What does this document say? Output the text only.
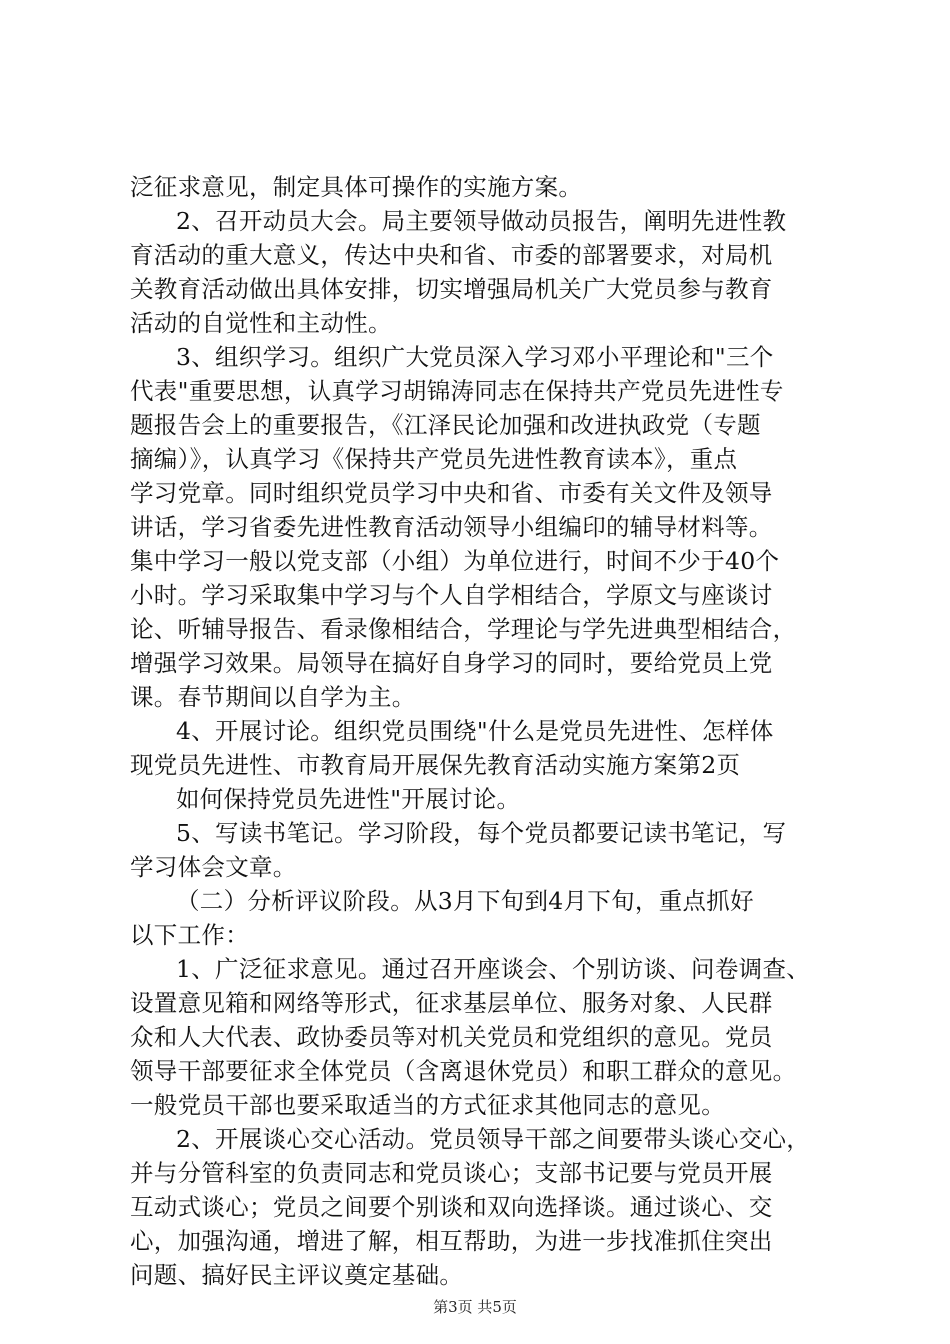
泛征求意见，制定具体可操作的实施方案。
2、召开动员大会。局主要领导做动员报告，阐明先进性教
育活动的重大意义，传达中央和省、市委的部署要求，对局机
关教育活动做出具体安排，切实增强局机关广大党员参与教育
活动的自觉性和主动性。
3、组织学习。组织广大党员深入学习邓小平理论和"三个
代表"重要思想，认真学习胡锦涛同志在保持共产党员先进性专
题报告会上的重要报告，《江泽民论加强和改进执政党（专题
摘编）》，认真学习《保持共产党员先进性教育读本》，重点
学习党章。同时组织党员学习中央和省、市委有关文件及领导
讲话，学习省委先进性教育活动领导小组编印的辅导材料等。
集中学习一般以党支部（小组）为单位进行，时间不少于40个
小时。学习采取集中学习与个人自学相结合，学原文与座谈讨
论、听辅导报告、看录像相结合，学理论与学先进典型相结合，
增强学习效果。局领导在搞好自身学习的同时，要给党员上党
课。春节期间以自学为主。
4、开展讨论。组织党员围绕"什么是党员先进性、怎样体
现党员先进性、市教育局开展保先教育活动实施方案第2页
如何保持党员先进性"开展讨论。
5、写读书笔记。学习阶段，每个党员都要记读书笔记，写
学习体会文章。
（二）分析评议阶段。从3月下旬到4月下旬，重点抓好
以下工作：
1、广泛征求意见。通过召开座谈会、个别访谈、问卷调查、
设置意见箱和网络等形式，征求基层单位、服务对象、人民群
众和人大代表、政协委员等对机关党员和党组织的意见。党员
领导干部要征求全体党员（含离退休党员）和职工群众的意见。
一般党员干部也要采取适当的方式征求其他同志的意见。
2、开展谈心交心活动。党员领导干部之间要带头谈心交心，
并与分管科室的负责同志和党员谈心；支部书记要与党员开展
互动式谈心；党员之间要个别谈和双向选择谈。通过谈心、交
心，加强沟通，增进了解，相互帮助，为进一步找准抓住突出
问题、搞好民主评议奠定基础。
第3页 共5页
